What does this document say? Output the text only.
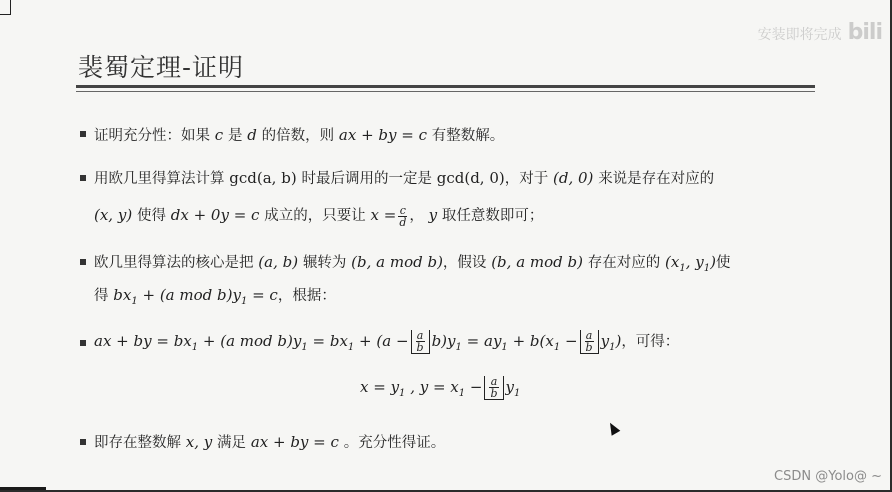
安装即将完成 bili
裴蜀定理-证明
证明充分性：如果 c 是 d 的倍数，则 ax + by = c 有整数解。
用欧几里得算法计算 gcd(a, b) 时最后调用的一定是 gcd(d, 0)，对于 (d, 0) 来说是存在对应的
(x, y) 使得 dx + 0y = c 成立的，只要让 $x = \frac{c}{d}$ ， y 取任意数即可；
欧几里得算法的核心是把 (a, b) 辗转为 (b, a mod b)，假设 (b, a mod b) 存在对应的 ($x_1$, $y_1$)使
得 $bx_1 + (a$ mod $b)y_1 = c$，根据：
ax + by = $bx_1 + (a$ mod $b)y_1 = bx_1 + (a - \frac{a}{b} b)y_1 = ay_1 + b(x_1 - \frac{a}{b} y_1)$，可得：
$x = y_1$ , $y = x_1 - \frac{a}{b} y_1$
即存在整数解 x, y 满足 ax + by = c 。充分性得证。
CSDN @Yolo@ ~
